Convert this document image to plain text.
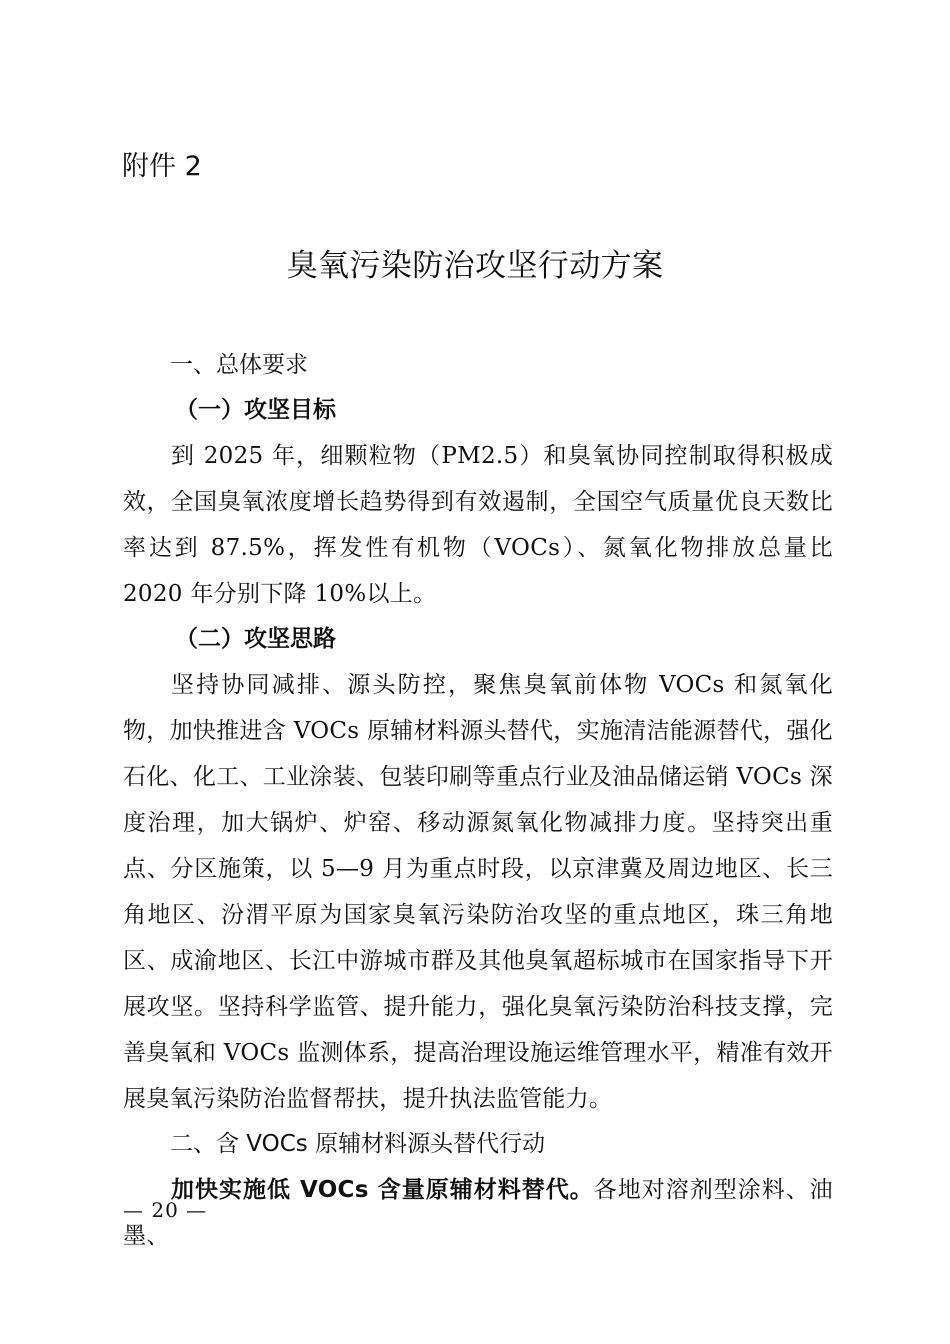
附件 2
臭氧污染防治攻坚行动方案

一、总体要求

（一）攻坚目标

到 2025 年，细颗粒物（PM2.5）和臭氧协同控制取得积极成效，全国臭氧浓度增长趋势得到有效遏制，全国空气质量优良天数比率达到 87.5%，挥发性有机物（VOCs）、氮氧化物排放总量比 2020 年分别下降 10%以上。

（二）攻坚思路

坚持协同减排、源头防控，聚焦臭氧前体物 VOCs 和氮氧化物，加快推进含 VOCs 原辅材料源头替代，实施清洁能源替代，强化石化、化工、工业涂装、包装印刷等重点行业及油品储运销 VOCs 深度治理，加大锅炉、炉窑、移动源氮氧化物减排力度。坚持突出重点、分区施策，以 5—9 月为重点时段，以京津冀及周边地区、长三角地区、汾渭平原为国家臭氧污染防治攻坚的重点地区，珠三角地区、成渝地区、长江中游城市群及其他臭氧超标城市在国家指导下开展攻坚。坚持科学监管、提升能力，强化臭氧污染防治科技支撑，完善臭氧和 VOCs 监测体系，提高治理设施运维管理水平，精准有效开展臭氧污染防治监督帮扶，提升执法监管能力。

二、含 VOCs 原辅材料源头替代行动

加快实施低 VOCs 含量原辅材料替代。各地对溶剂型涂料、油墨、

— 20 —
